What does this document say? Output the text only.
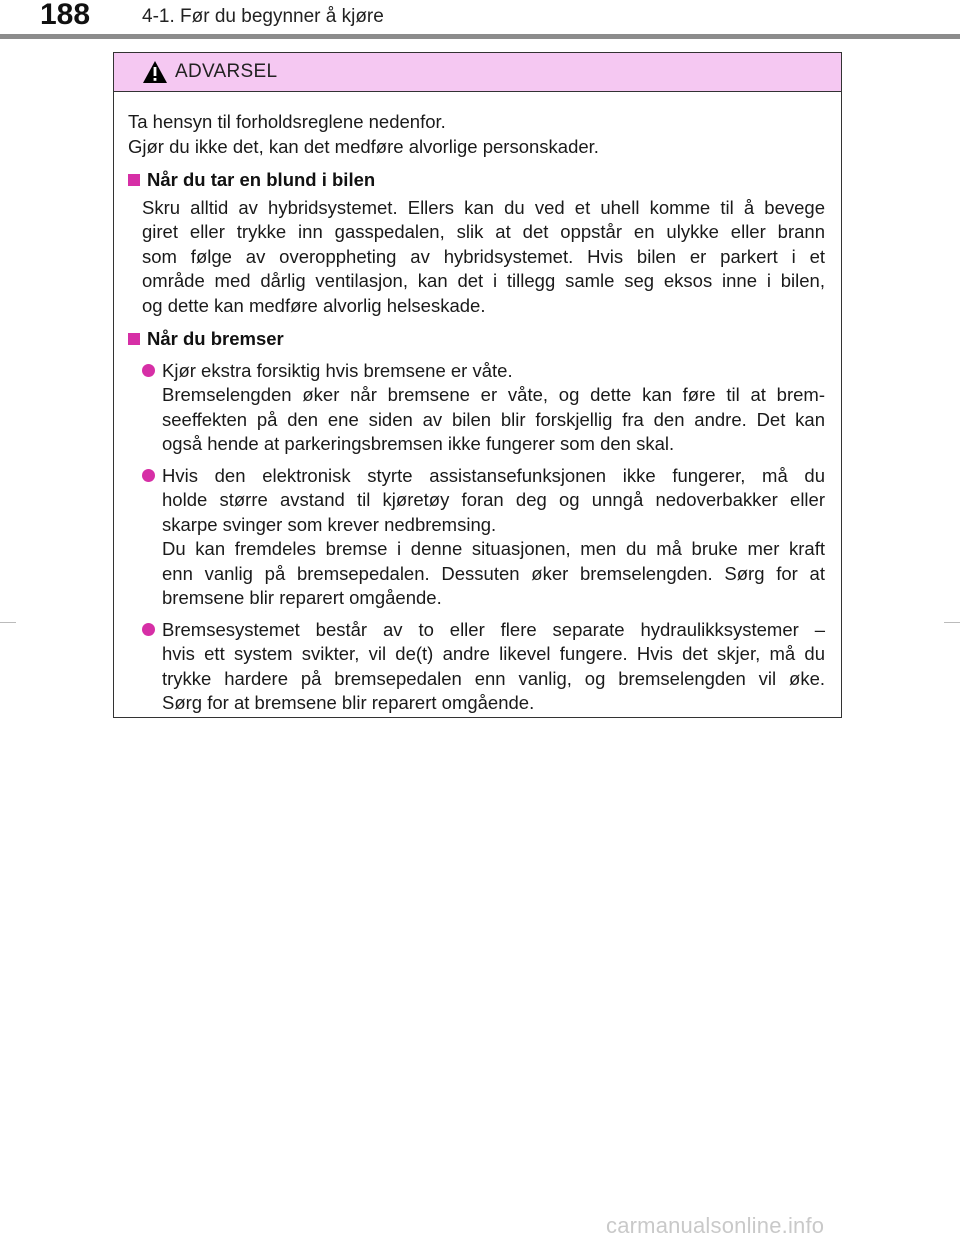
188	4-1. Før du begynner å kjøre
ADVARSEL

Ta hensyn til forholdsreglene nedenfor.
Gjør du ikke det, kan det medføre alvorlige personskader.

Når du tar en blund i bilen
Skru alltid av hybridsystemet. Ellers kan du ved et uhell komme til å bevege
giret eller trykke inn gasspedalen, slik at det oppstår en ulykke eller brann
som følge av overoppheting av hybridsystemet. Hvis bilen er parkert i et
område med dårlig ventilasjon, kan det i tillegg samle seg eksos inne i bilen,
og dette kan medføre alvorlig helseskade.
Når du bremser
Kjør ekstra forsiktig hvis bremsene er våte.
Bremselengden øker når bremsene er våte, og dette kan føre til at brem-
seeffekten på den ene siden av bilen blir forskjellig fra den andre. Det kan
også hende at parkeringsbremsen ikke fungerer som den skal.
Hvis den elektronisk styrte assistansefunksjonen ikke fungerer, må du
holde større avstand til kjøretøy foran deg og unngå nedoverbakker eller
skarpe svinger som krever nedbremsing.
Du kan fremdeles bremse i denne situasjonen, men du må bruke mer kraft
enn vanlig på bremsepedalen. Dessuten øker bremselengden. Sørg for at
bremsene blir reparert omgående.
Bremsesystemet består av to eller flere separate hydraulikksystemer –
hvis ett system svikter, vil de(t) andre likevel fungere. Hvis det skjer, må du
trykke hardere på bremsepedalen enn vanlig, og bremselengden vil øke.
Sørg for at bremsene blir reparert omgående.
carmanualsonline.info
